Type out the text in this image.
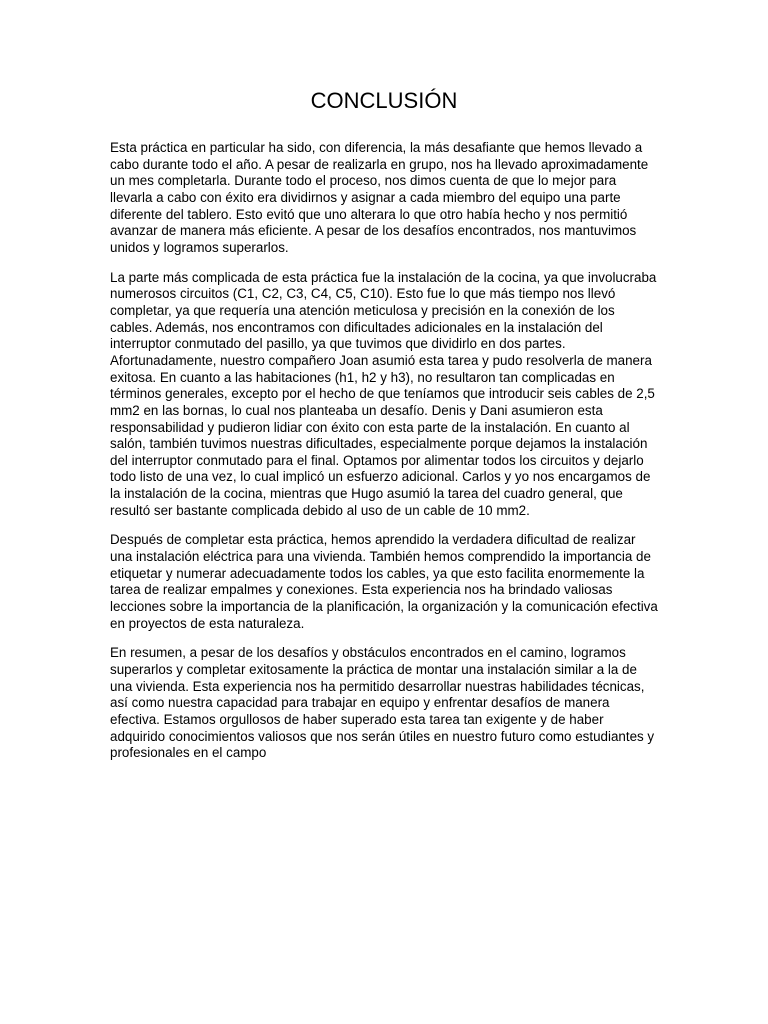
CONCLUSIÓN

Esta práctica en particular ha sido, con diferencia, la más desafiante que hemos llevado a cabo durante todo el año. A pesar de realizarla en grupo, nos ha llevado aproximadamente un mes completarla. Durante todo el proceso, nos dimos cuenta de que lo mejor para llevarla a cabo con éxito era dividirnos y asignar a cada miembro del equipo una parte diferente del tablero. Esto evitó que uno alterara lo que otro había hecho y nos permitió avanzar de manera más eficiente. A pesar de los desafíos encontrados, nos mantuvimos unidos y logramos superarlos.

La parte más complicada de esta práctica fue la instalación de la cocina, ya que involucraba numerosos circuitos (C1, C2, C3, C4, C5, C10). Esto fue lo que más tiempo nos llevó completar, ya que requería una atención meticulosa y precisión en la conexión de los cables. Además, nos encontramos con dificultades adicionales en la instalación del interruptor conmutado del pasillo, ya que tuvimos que dividirlo en dos partes. Afortunadamente, nuestro compañero Joan asumió esta tarea y pudo resolverla de manera exitosa. En cuanto a las habitaciones (h1, h2 y h3), no resultaron tan complicadas en términos generales, excepto por el hecho de que teníamos que introducir seis cables de 2,5 mm2 en las bornas, lo cual nos planteaba un desafío. Denis y Dani asumieron esta responsabilidad y pudieron lidiar con éxito con esta parte de la instalación. En cuanto al salón, también tuvimos nuestras dificultades, especialmente porque dejamos la instalación del interruptor conmutado para el final. Optamos por alimentar todos los circuitos y dejarlo todo listo de una vez, lo cual implicó un esfuerzo adicional. Carlos y yo nos encargamos de la instalación de la cocina, mientras que Hugo asumió la tarea del cuadro general, que resultó ser bastante complicada debido al uso de un cable de 10 mm2.

Después de completar esta práctica, hemos aprendido la verdadera dificultad de realizar una instalación eléctrica para una vivienda. También hemos comprendido la importancia de etiquetar y numerar adecuadamente todos los cables, ya que esto facilita enormemente la tarea de realizar empalmes y conexiones. Esta experiencia nos ha brindado valiosas lecciones sobre la importancia de la planificación, la organización y la comunicación efectiva en proyectos de esta naturaleza.

En resumen, a pesar de los desafíos y obstáculos encontrados en el camino, logramos superarlos y completar exitosamente la práctica de montar una instalación similar a la de una vivienda. Esta experiencia nos ha permitido desarrollar nuestras habilidades técnicas, así como nuestra capacidad para trabajar en equipo y enfrentar desafíos de manera efectiva. Estamos orgullosos de haber superado esta tarea tan exigente y de haber adquirido conocimientos valiosos que nos serán útiles en nuestro futuro como estudiantes y profesionales en el campo
